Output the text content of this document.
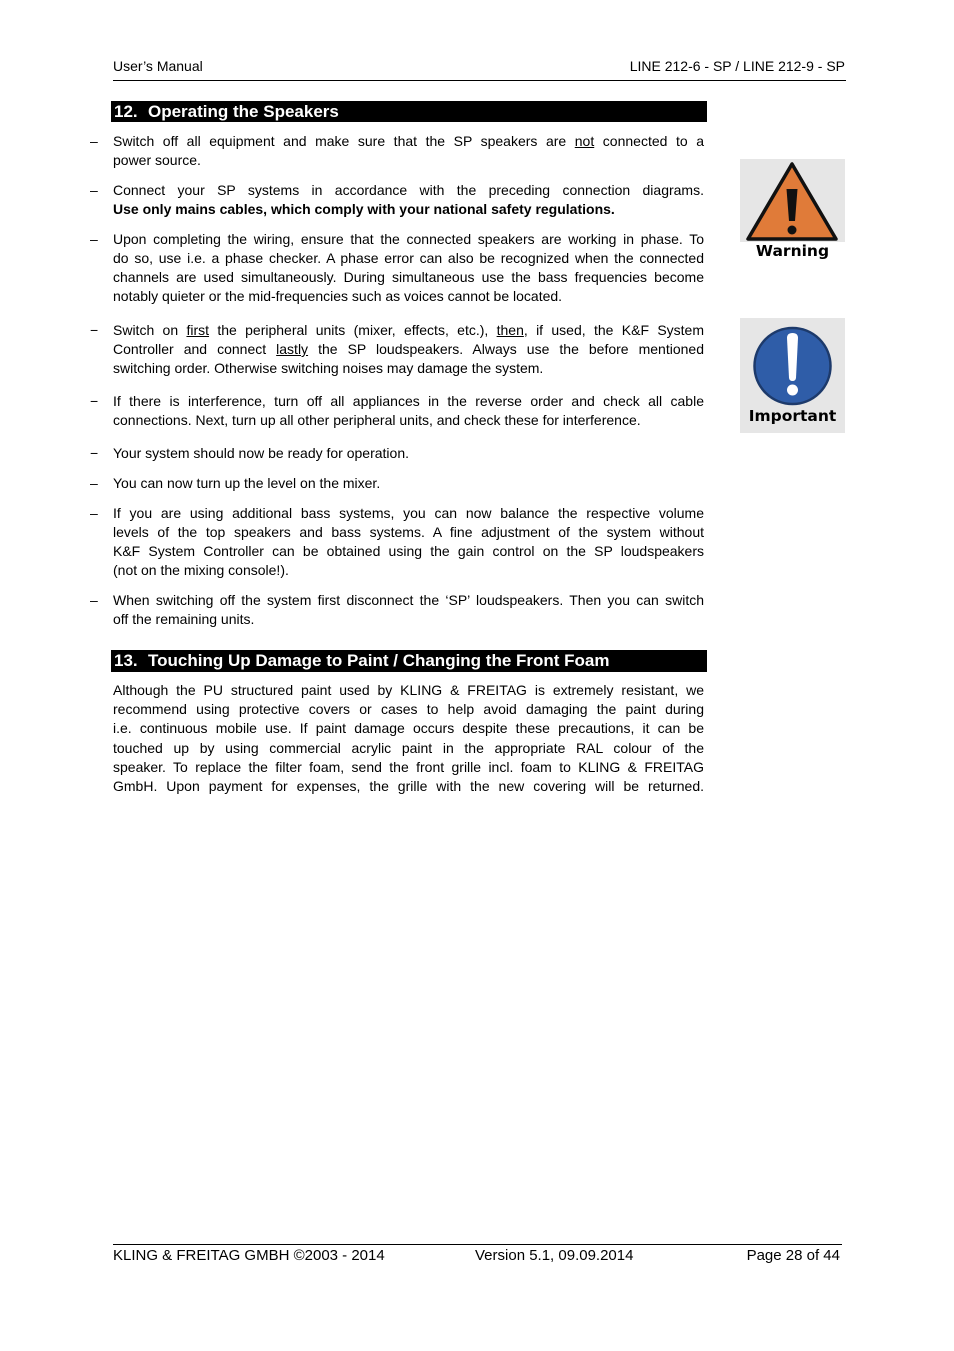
User’s Manual	LINE 212-6 - SP / LINE 212-9 - SP
12. Operating the Speakers
–	Switch off all equipment and make sure that the SP speakers are not connected to a
power source.
–	Connect your SP systems in accordance with the preceding connection diagrams.
Use only mains cables, which comply with your national safety regulations.
–	Upon completing the wiring, ensure that the connected speakers are working in phase. To
do so, use i.e. a phase checker. A phase error can also be recognized when the connected
channels are used simultaneously. During simultaneous use the bass frequencies become
notably quieter or the mid-frequencies such as voices cannot be located.
−	Switch on first the peripheral units (mixer, effects, etc.), then, if used, the K&F System
Controller and connect lastly the SP loudspeakers. Always use the before mentioned
switching order. Otherwise switching noises may damage the system.
−	If there is interference, turn off all appliances in the reverse order and check all cable
connections. Next, turn up all other peripheral units, and check these for interference.
−	Your system should now be ready for operation.
–	You can now turn up the level on the mixer.
–	If you are using additional bass systems, you can now balance the respective volume
levels of the top speakers and bass systems. A fine adjustment of the system without
K&F System Controller can be obtained using the gain control on the SP loudspeakers
(not on the mixing console!).
–	When switching off the system first disconnect the ‘SP’ loudspeakers. Then you can switch
off the remaining units.
13. Touching Up Damage to Paint / Changing the Front Foam
Although the PU structured paint used by KLING & FREITAG is extremely resistant, we
recommend using protective covers or cases to help avoid damaging the paint during
i.e. continuous mobile use. If paint damage occurs despite these precautions, it can be
touched up by using commercial acrylic paint in the appropriate RAL colour of the
speaker. To replace the filter foam, send the front grille incl. foam to KLING & FREITAG
GmbH. Upon payment for expenses, the grille with the new covering will be returned.
Warning
Important
KLING & FREITAG GMBH ©2003 - 2014	Version 5.1, 09.09.2014	Page 28 of 44
